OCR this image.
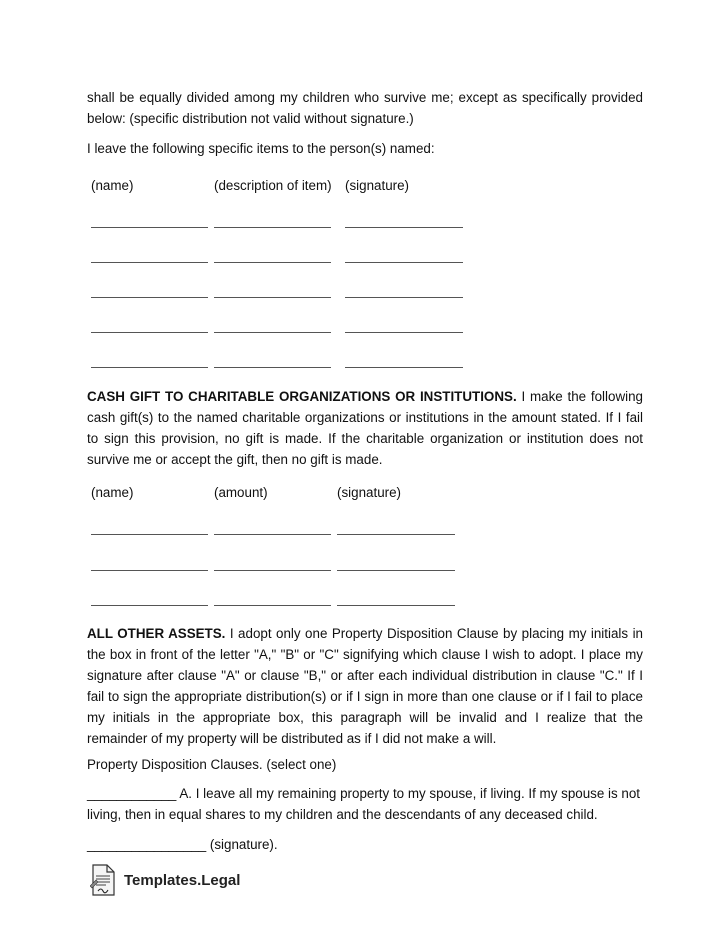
shall be equally divided among my children who survive me; except as specifically provided below: (specific distribution not valid without signature.)

I leave the following specific items to the person(s) named:

(name)	(description of item) (signature)

CASH GIFT TO CHARITABLE ORGANIZATIONS OR INSTITUTIONS. I make the following cash gift(s) to the named charitable organizations or institutions in the amount stated. If I fail to sign this provision, no gift is made. If the charitable organization or institution does not survive me or accept the gift, then no gift is made.

(name)	(amount)	(signature)

ALL OTHER ASSETS. I adopt only one Property Disposition Clause by placing my initials in the box in front of the letter "A," "B" or "C" signifying which clause I wish to adopt. I place my signature after clause "A" or clause "B," or after each individual distribution in clause "C." If I fail to sign the appropriate distribution(s) or if I sign in more than one clause or if I fail to place my initials in the appropriate box, this paragraph will be invalid and I realize that the remainder of my property will be distributed as if I did not make a will.

Property Disposition Clauses. (select one)

____________ A. I leave all my remaining property to my spouse, if living. If my spouse is not

living, then in equal shares to my children and the descendants of any deceased child.

________________ (signature).

Templates.Legal
